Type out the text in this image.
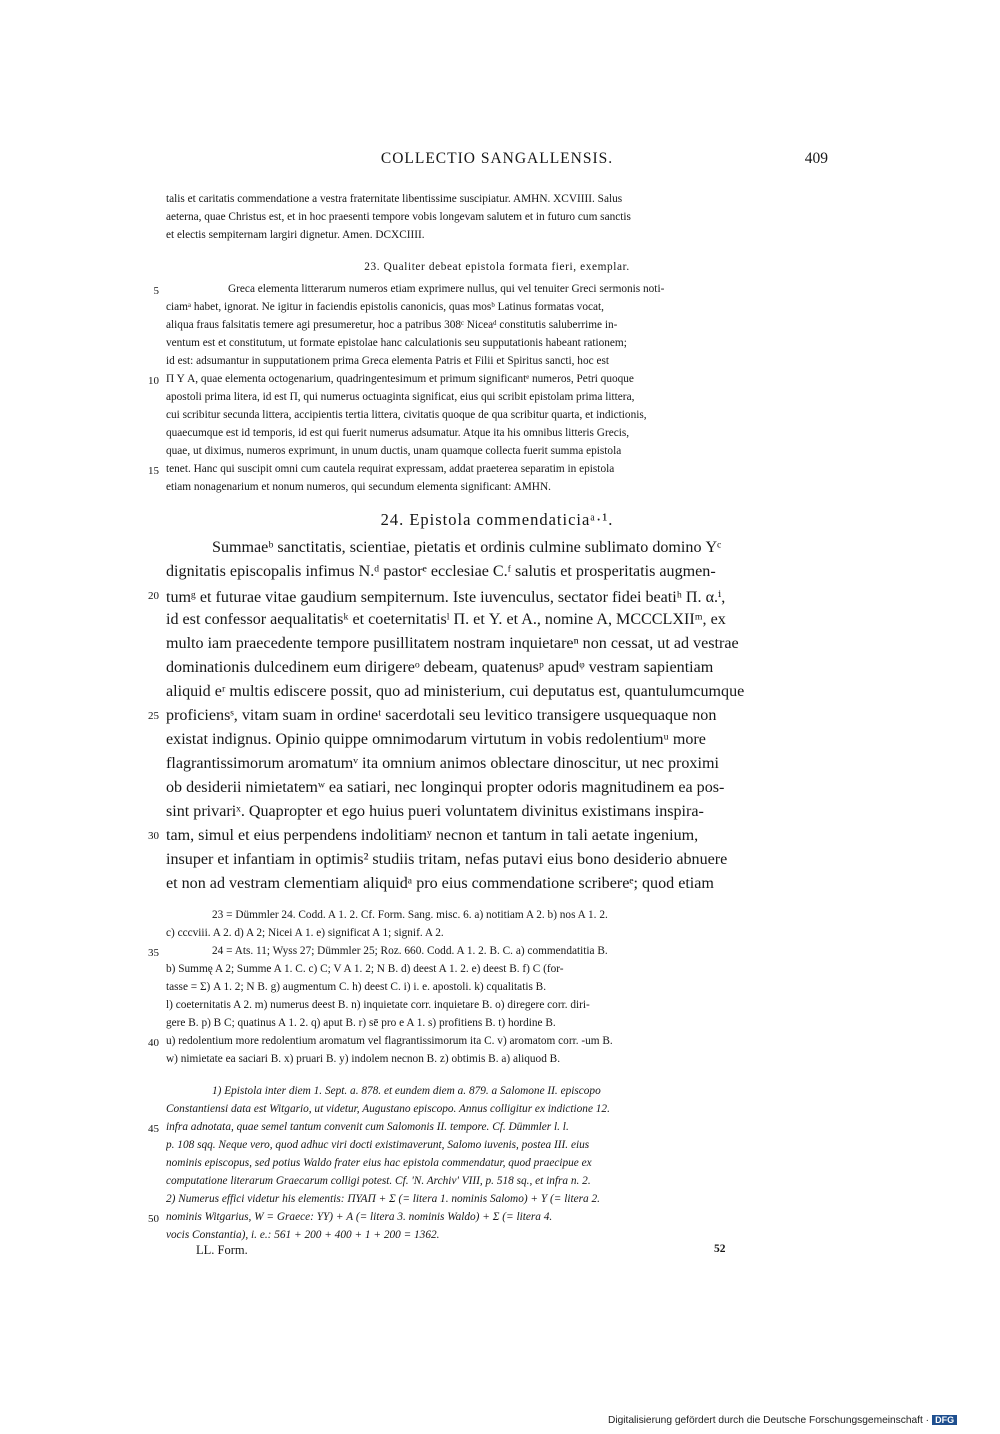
COLLECTIO SANGALLENSIS.	409
talis et caritatis commendatione a vestra fraternitate libentissime suscipiatur. AMHN. XCVIIII. Salus
aeterna, quae Christus est, et in hoc praesenti tempore vobis longevam salutem et in futuro cum sanctis
et electis sempiternam largiri dignetur. Amen. DCXCIIII.
23. Qualiter debeat epistola formata fieri, exemplar.
Greca elementa litterarum numeros etiam exprimere nullus, qui vel tenuiter Greci sermonis noti-
ciamᵃ habet, ignorat. Ne igitur in faciendis epistolis canonicis, quas mosᵇ Latinus formatas vocat,
aliqua fraus falsitatis temere agi presumeretur, hoc a patribus 308ᶜ Niceaᵈ constitutis saluberrime in-
ventum est et constitutum, ut formate epistolae hanc calculationis seu supputationis habeant rationem;
id est: adsumantur in supputationem prima Greca elementa Patris et Filii et Spiritus sancti, hoc est
Π Υ A, quae elementa octogenarium, quadringentesimum et primum significantᵉ numeros, Petri quoque
apostoli prima litera, id est Π, qui numerus octuaginta significat, eius qui scribit epistolam prima littera,
cui scribitur secunda littera, accipientis tertia littera, civitatis quoque de qua scribitur quarta, et indictionis,
quaecumque est id temporis, id est qui fuerit numerus adsumatur. Atque ita his omnibus litteris Grecis,
quae, ut diximus, numeros exprimunt, in unum ductis, unam quamque collecta fuerit summa epistola
tenet. Hanc qui suscipit omni cum cautela requirat expressam, addat praeterea separatim in epistola
etiam nonagenarium et nonum numeros, qui secundum elementa significant: AMHN.
24. Epistola commendaticiaᵃ·¹.
Summaeᵇ sanctitatis, scientiae, pietatis et ordinis culmine sublimato domino Υᶜ
dignitatis episcopalis infimus N.ᵈ pastorᵉ ecclesiae C.ᶠ salutis et prosperitatis augmen-
tumᵍ et futurae vitae gaudium sempiternum. Iste iuvenculus, sectator fidei beatiʰ Π. α.ⁱ,
id est confessor aequalitatisᵏ et coeternitatisˡ Π. et Υ. et A., nomine A, MCCCLXIIᵐ, ex
multo iam praecedente tempore pusillitatem nostram inquietareⁿ non cessat, ut ad vestrae
dominationis dulcedinem eum dirigereᵒ debeam, quatenusᵖ apudᵠ vestram sapientiam
aliquid eʳ multis ediscere possit, quo ad ministerium, cui deputatus est, quantulumcumque
proficiensˢ, vitam suam in ordineᵗ sacerdotali seu levitico transigere usquequaque non
existat indignus. Opinio quippe omnimodarum virtutum in vobis redolentiumᵘ more
flagrantissimorum aromatumᵛ ita omnium animos oblectare dinoscitur, ut nec proximi
ob desiderii nimietatemʷ ea satiari, nec longinqui propter odoris magnitudinem ea pos-
sint privariˣ. Quapropter et ego huius pueri voluntatem divinitus existimans inspira-
tam, simul et eius perpendens indolitiamʸ necnon et tantum in tali aetate ingenium,
insuper et infantiam in optimis² studiis tritam, nefas putavi eius bono desiderio abnuere
et non ad vestram clementiam aliquidᵃ pro eius commendatione scribereᵉ; quod etiam
23 = Dümmler 24. Codd. A 1. 2. Cf. Form. Sang. misc. 6. a) notitiam A 2. b) nos A 1. 2.
c) cccviii. A 2. d) A 2; Nicei A 1. e) significat A 1; signif. A 2.
24 = Ats. 11; Wyss 27; Dümmler 25; Roz. 660. Codd. A 1. 2. B. C. a) commendatitia B.
b) Summę A 2; Summe A 1. C. c) C; V A 1. 2; N B. d) deest A 1. 2. e) deest B. f) C (for-
tasse = Σ) A 1. 2; N B. g) augmentum C. h) deest C. i) i. e. apostoli. k) cqualitatis B.
l) coeternitatis A 2. m) numerus deest B. n) inquietate corr. inquietare B. o) diregere corr. diri-
gere B. p) B C; quatinus A 1. 2. q) aput B. r) sē pro e A 1. s) profitiens B. t) hordine B.
u) redolentium more redolentium aromatum vel flagrantissimorum ita C. v) aromatom corr. -um B.
w) nimietate ea saciari B. x) pruari B. y) indolem necnon B. z) obtimis B. a) aliquod B.
1) Epistola inter diem 1. Sept. a. 878. et eundem diem a. 879. a Salomone II. episcopo
Constantiensi data est Witgario, ut videtur, Augustano episcopo. Annus colligitur ex indictione 12.
infra adnotata, quae semel tantum convenit cum Salomonis II. tempore. Cf. Dümmler l. l.
p. 108 sqq. Neque vero, quod adhuc viri docti existimaverunt, Salomo iuvenis, postea III. eius
nominis episcopus, sed potius Waldo frater eius hac epistola commendatur, quod praecipue ex
computatione literarum Graecarum colligi potest. Cf. 'N. Archiv' VIII, p. 518 sq., et infra n. 2.
2) Numerus effici videtur his elementis: ΠΥΑΠ + Σ (= litera 1. nominis Salomo) + Υ (= litera 2.
nominis Witgarius, W = Graece: ΥΥ) + A (= litera 3. nominis Waldo) + Σ (= litera 4.
vocis Constantia), i. e.: 561 + 200 + 400 + 1 + 200 = 1362.
5
10
15
20
25
30
35
40
45
50
LL. Form.	52
Digitalisierung gefördert durch die Deutsche Forschungsgemeinschaft · DFG
